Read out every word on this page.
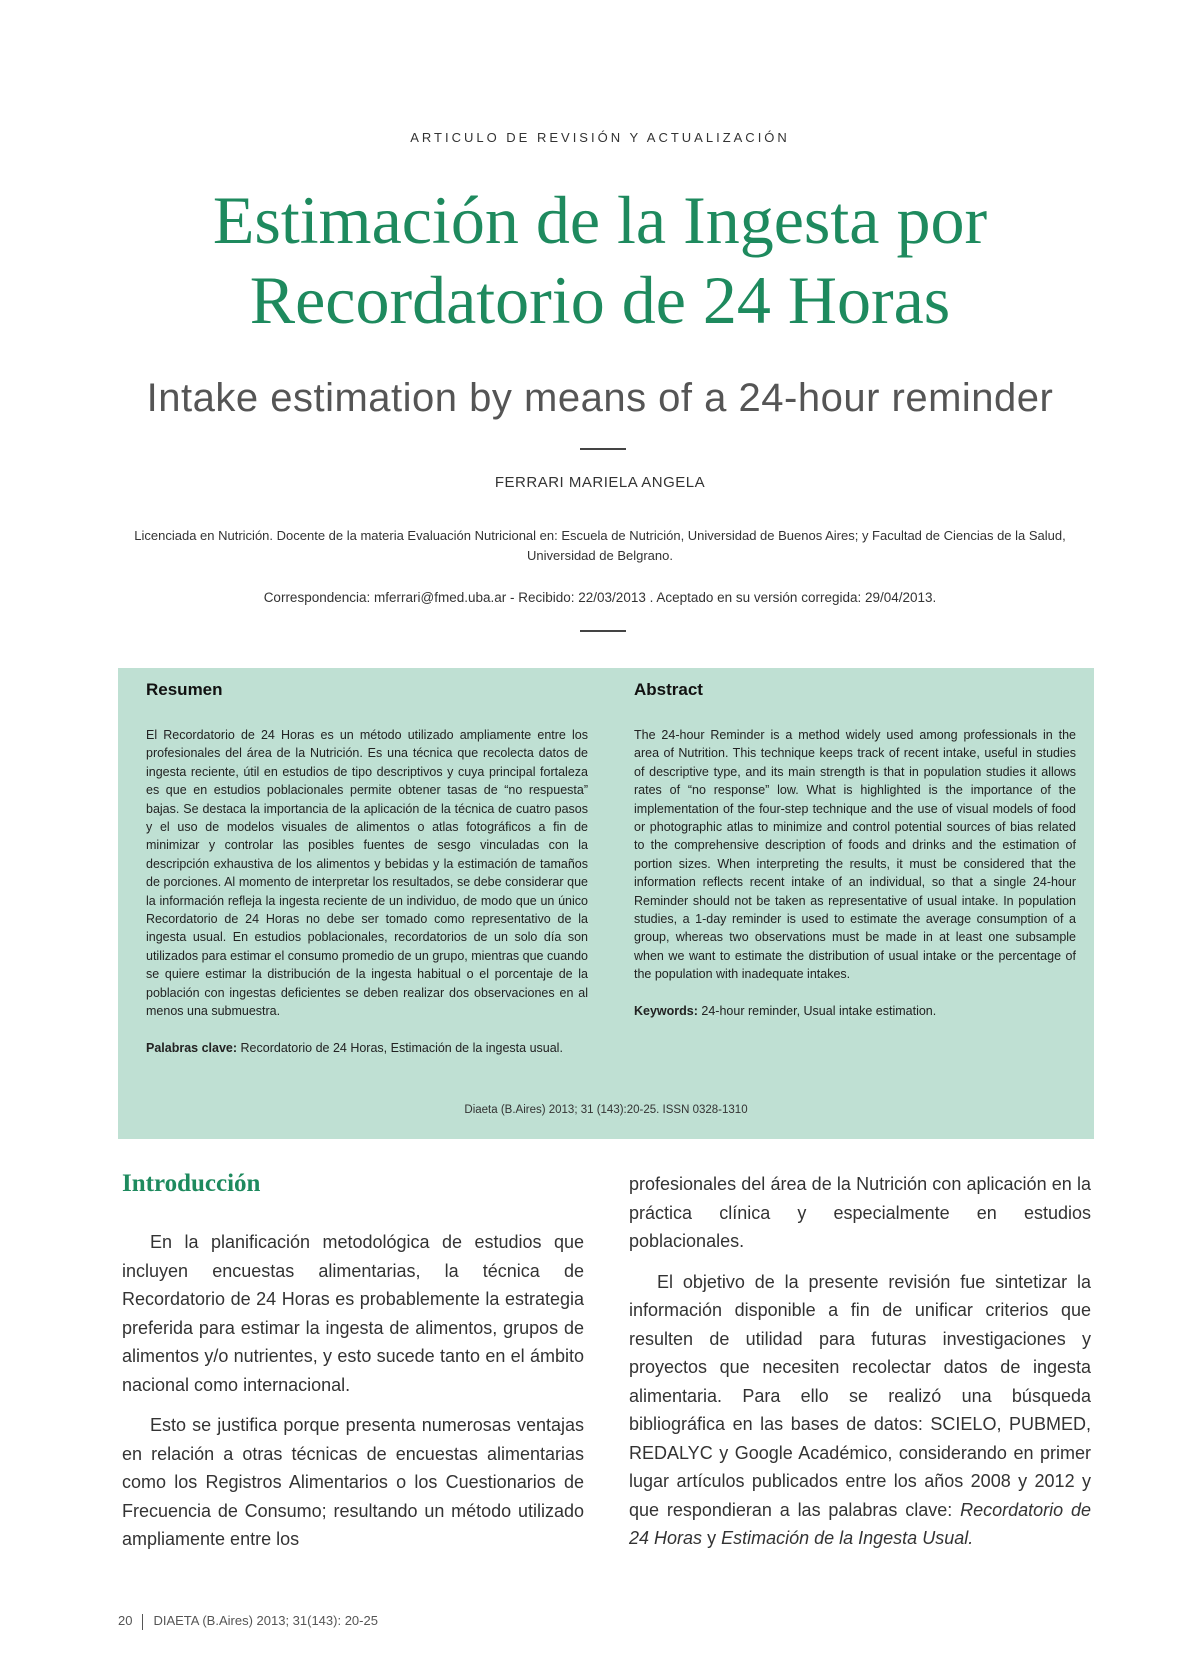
ARTICULO DE REVISIÓN Y ACTUALIZACIÓN
Estimación de la Ingesta por
Recordatorio de 24 Horas
Intake estimation by means of a 24-hour reminder
FERRARI MARIELA ANGELA

Licenciada en Nutrición. Docente de la materia Evaluación Nutricional en: Escuela de Nutrición, Universidad de Buenos Aires; y Facultad de Ciencias de la Salud, Universidad de Belgrano.

Correspondencia: mferrari@fmed.uba.ar - Recibido: 22/03/2013 . Aceptado en su versión corregida: 29/04/2013.
Resumen

El Recordatorio de 24 Horas es un método utilizado ampliamente entre los profesionales del área de la Nutrición. Es una técnica que recolecta datos de ingesta reciente, útil en estudios de tipo descriptivos y cuya principal fortaleza es que en estudios poblacionales permite obtener tasas de “no respuesta” bajas. Se destaca la importancia de la aplicación de la técnica de cuatro pasos y el uso de modelos visuales de alimentos o atlas fotográficos a fin de minimizar y controlar las posibles fuentes de sesgo vinculadas con la descripción exhaustiva de los alimentos y bebidas y la estimación de tamaños de porciones. Al momento de interpretar los resultados, se debe considerar que la información refleja la ingesta reciente de un individuo, de modo que un único Recordatorio de 24 Horas no debe ser tomado como representativo de la ingesta usual. En estudios poblacionales, recordatorios de un solo día son utilizados para estimar el consumo promedio de un grupo, mientras que cuando se quiere estimar la distribución de la ingesta habitual o el porcentaje de la población con ingestas deficientes se deben realizar dos observaciones en al menos una submuestra.

Palabras clave: Recordatorio de 24 Horas, Estimación de la ingesta usual.

Abstract

The 24-hour Reminder is a method widely used among professionals in the area of Nutrition. This technique keeps track of recent intake, useful in studies of descriptive type, and its main strength is that in population studies it allows rates of “no response” low. What is highlighted is the importance of the implementation of the four-step technique and the use of visual models of food or photographic atlas to minimize and control potential sources of bias related to the comprehensive description of foods and drinks and the estimation of portion sizes. When interpreting the results, it must be considered that the information reflects recent intake of an individual, so that a single 24-hour Reminder should not be taken as representative of usual intake. In population studies, a 1-day reminder is used to estimate the average consumption of a group, whereas two observations must be made in at least one subsample when we want to estimate the distribution of usual intake or the percentage of the population with inadequate intakes.

Keywords: 24-hour reminder, Usual intake estimation.

Diaeta (B.Aires) 2013; 31 (143):20-25. ISSN 0328-1310
Introducción

En la planificación metodológica de estudios que incluyen encuestas alimentarias, la técnica de Recordatorio de 24 Horas es probablemente la estrategia preferida para estimar la ingesta de alimentos, grupos de alimentos y/o nutrientes, y esto sucede tanto en el ámbito nacional como internacional.

Esto se justifica porque presenta numerosas ventajas en relación a otras técnicas de encuestas alimentarias como los Registros Alimentarios o los Cuestionarios de Frecuencia de Consumo; resultando un método utilizado ampliamente entre los

profesionales del área de la Nutrición con aplicación en la práctica clínica y especialmente en estudios poblacionales.

El objetivo de la presente revisión fue sintetizar la información disponible a fin de unificar criterios que resulten de utilidad para futuras investigaciones y proyectos que necesiten recolectar datos de ingesta alimentaria. Para ello se realizó una búsqueda bibliográfica en las bases de datos: SCIELO, PUBMED, REDALYC y Google Académico, considerando en primer lugar artículos publicados entre los años 2008 y 2012 y que respondieran a las palabras clave: Recordatorio de 24 Horas y Estimación de la Ingesta Usual.

20 DIAETA (B.Aires) 2013; 31(143): 20-25
